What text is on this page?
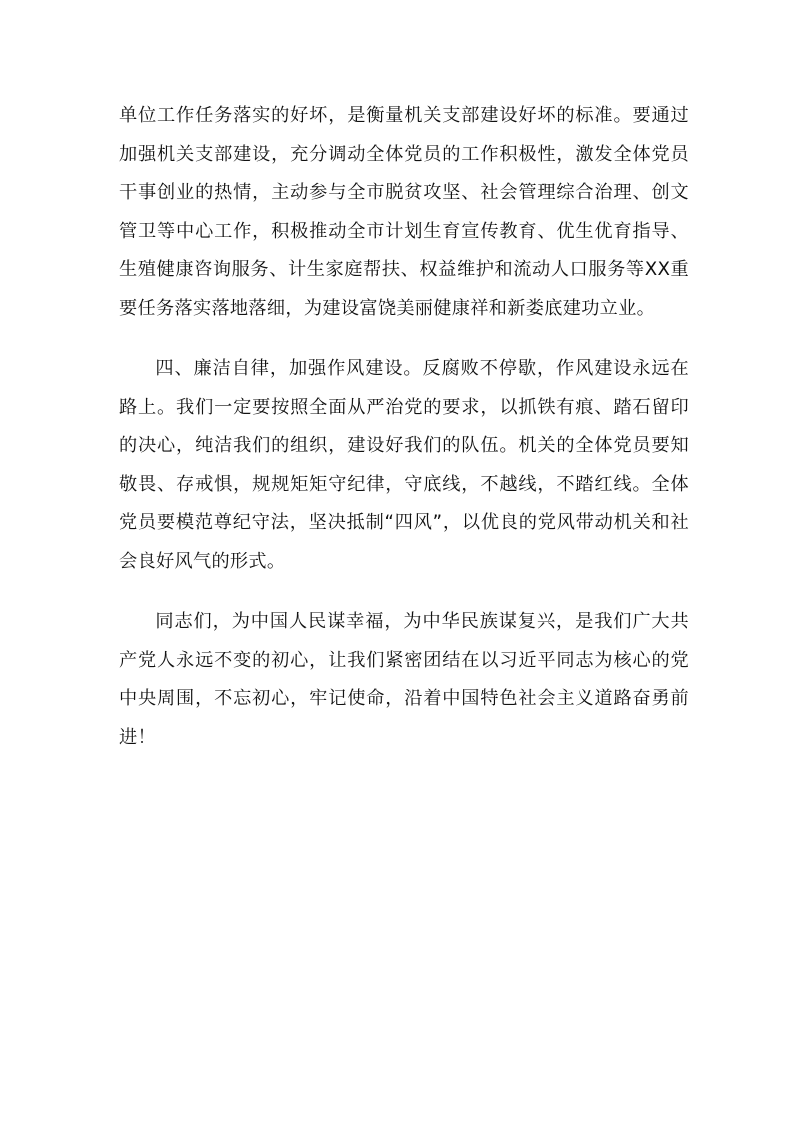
单位工作任务落实的好坏，是衡量机关支部建设好坏的标准。要通过加强机关支部建设，充分调动全体党员的工作积极性，激发全体党员干事创业的热情，主动参与全市脱贫攻坚、社会管理综合治理、创文管卫等中心工作，积极推动全市计划生育宣传教育、优生优育指导、生殖健康咨询服务、计生家庭帮扶、权益维护和流动人口服务等XX重要任务落实落地落细，为建设富饶美丽健康祥和新娄底建功立业。

四、廉洁自律，加强作风建设。反腐败不停歇，作风建设永远在路上。我们一定要按照全面从严治党的要求，以抓铁有痕、踏石留印的决心，纯洁我们的组织，建设好我们的队伍。机关的全体党员要知敬畏、存戒惧，规规矩矩守纪律，守底线，不越线，不踏红线。全体党员要模范尊纪守法，坚决抵制“四风”，以优良的党风带动机关和社会良好风气的形式。

同志们，为中国人民谋幸福，为中华民族谋复兴，是我们广大共产党人永远不变的初心，让我们紧密团结在以习近平同志为核心的党中央周围，不忘初心，牢记使命，沿着中国特色社会主义道路奋勇前进！
